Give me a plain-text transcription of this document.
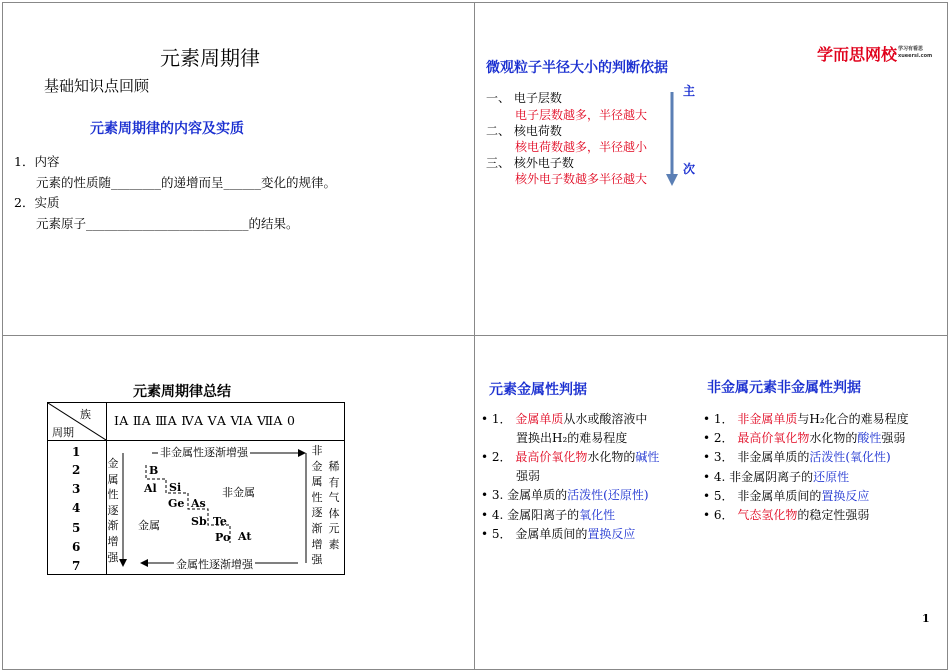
元素周期律
基础知识点回顾
元素周期律的内容及实质
1．内容
元素的性质随________的递增而呈______变化的规律。
2．实质
元素原子__________________________的结果。
微观粒子半径大小的判断依据
学而思网校 学习有看思
xueersi.com
一、 电子层数
电子层数越多，半径越大
二、 核电荷数
核电荷数越多，半径越小
三、 核外电子数
核外电子数越多半径越大
主
次
元素周期律总结
族
周期
ⅠA ⅡA ⅢA ⅣA ⅤA ⅥA ⅦA 0
1
2
3
4
5
6
7
非金属性逐渐增强
金属性逐渐增强
金
属
性
逐
渐
增
强
非
金
属
性
逐
渐
增
强
稀
有
气
体
元
素
B
Al Si
Ge As
Sb Te
Po At
金属
非金属
元素金属性判据	非金属元素非金属性判据
• 1． 金属单质从水或酸溶液中
置换出H₂的难易程度
• 2． 最高价氧化物水化物的碱性
强弱
• 3. 金属单质的活泼性(还原性)
• 4. 金属阳离子的氧化性
• 5． 金属单质间的置换反应
• 1． 非金属单质与H₂化合的难易程度
• 2． 最高价氧化物水化物的酸性强弱
• 3． 非金属单质的活泼性(氧化性)
• 4. 非金属阴离子的还原性
• 5． 非金属单质间的置换反应
• 6． 气态氢化物的稳定性强弱
1
